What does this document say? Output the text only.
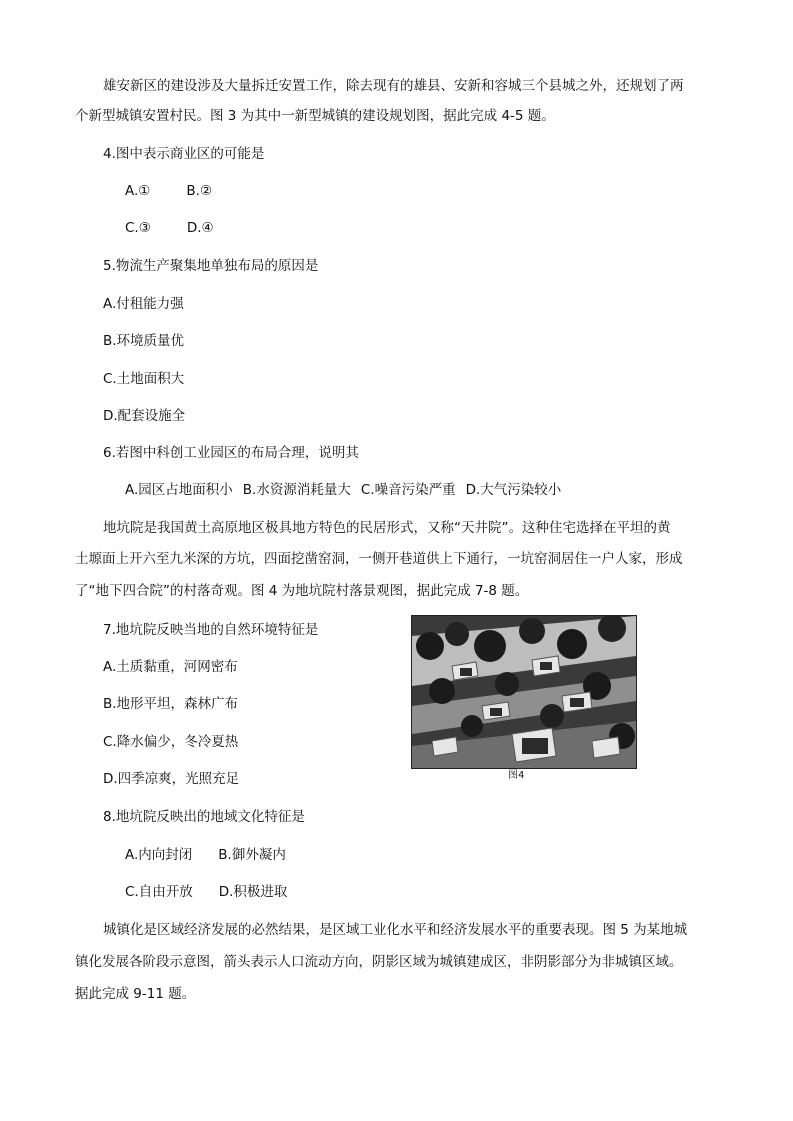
雄安新区的建设涉及大量拆迁安置工作，除去现有的雄县、安新和容城三个县城之外，还规划了两
个新型城镇安置村民。图 3 为其中一新型城镇的建设规划图，据此完成 4-5 题。
4.图中表示商业区的可能是
A.①	B.②
C.③	D.④
5.物流生产聚集地单独布局的原因是
A.付租能力强
B.环境质量优
C.土地面积大
D.配套设施全
6.若图中科创工业园区的布局合理，说明其
A.园区占地面积小 B.水资源消耗量大 C.噪音污染严重 D.大气污染较小
地坑院是我国黄土高原地区极具地方特色的民居形式，又称“天井院”。这种住宅选择在平坦的黄
土塬面上开六至九米深的方坑，四面挖凿窑洞，一侧开巷道供上下通行，一坑窑洞居住一户人家，形成
了“地下四合院”的村落奇观。图 4 为地坑院村落景观图，据此完成 7-8 题。
7.地坑院反映当地的自然环境特征是
A.土质黏重，河网密布
B.地形平坦，森林广布
C.降水偏少，冬冷夏热
D.四季凉爽，光照充足	图4
8.地坑院反映出的地域文化特征是
A.内向封闭 B.御外凝内
C.自由开放 D.积极进取
城镇化是区域经济发展的必然结果，是区域工业化水平和经济发展水平的重要表现。图 5 为某地城
镇化发展各阶段示意图，箭头表示人口流动方向，阴影区域为城镇建成区，非阴影部分为非城镇区域。
据此完成 9-11 题。
